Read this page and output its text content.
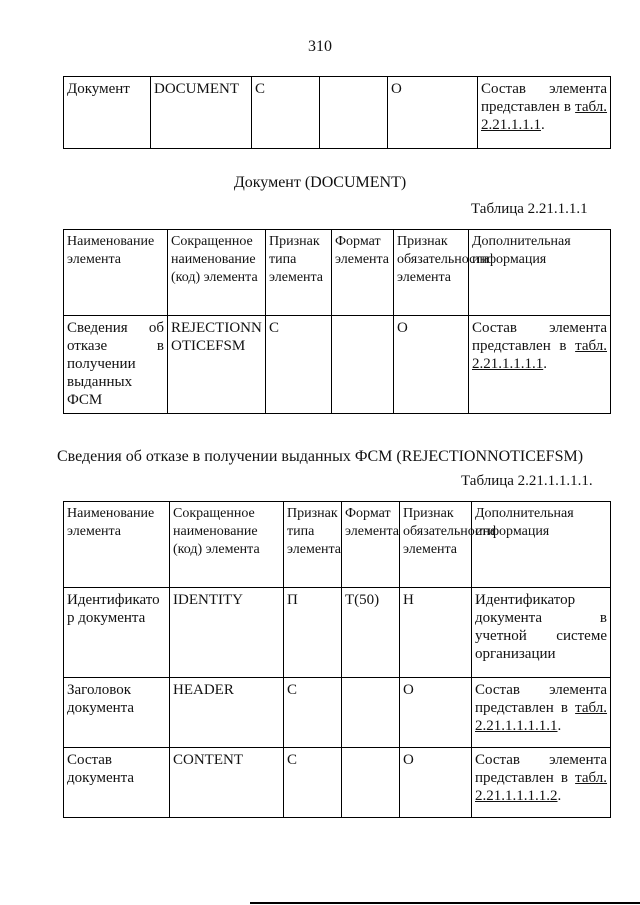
310
Документ	DOCUMENT	С		О	Состав элемента представлен в табл. 2.21.1.1.1.
Документ (DOCUMENT)
Таблица 2.21.1.1.1
Наименование элемента	Сокращенное наименование (код) элемента	Признак типа элемента	Формат элемента	Признак обязательности элемента	Дополнительная информация
Сведения об отказе в получении выданных ФСМ	REJECTIONNOTICEFSM	С		О	Состав элемента представлен в табл. 2.21.1.1.1.1.
Сведения об отказе в получении выданных ФСМ (REJECTIONNOTICEFSM)
Таблица 2.21.1.1.1.1.
Наименование элемента	Сокращенное наименование (код) элемента	Признак типа элемента	Формат элемента	Признак обязательности элемента	Дополнительная информация
Идентификатор документа	IDENTITY	П	T(50)	Н	Идентификатор документа в учетной системе организации
Заголовок документа	HEADER	С		О	Состав элемента представлен в табл. 2.21.1.1.1.1.1.
Состав документа	CONTENT	С		О	Состав элемента представлен в табл. 2.21.1.1.1.1.2.
